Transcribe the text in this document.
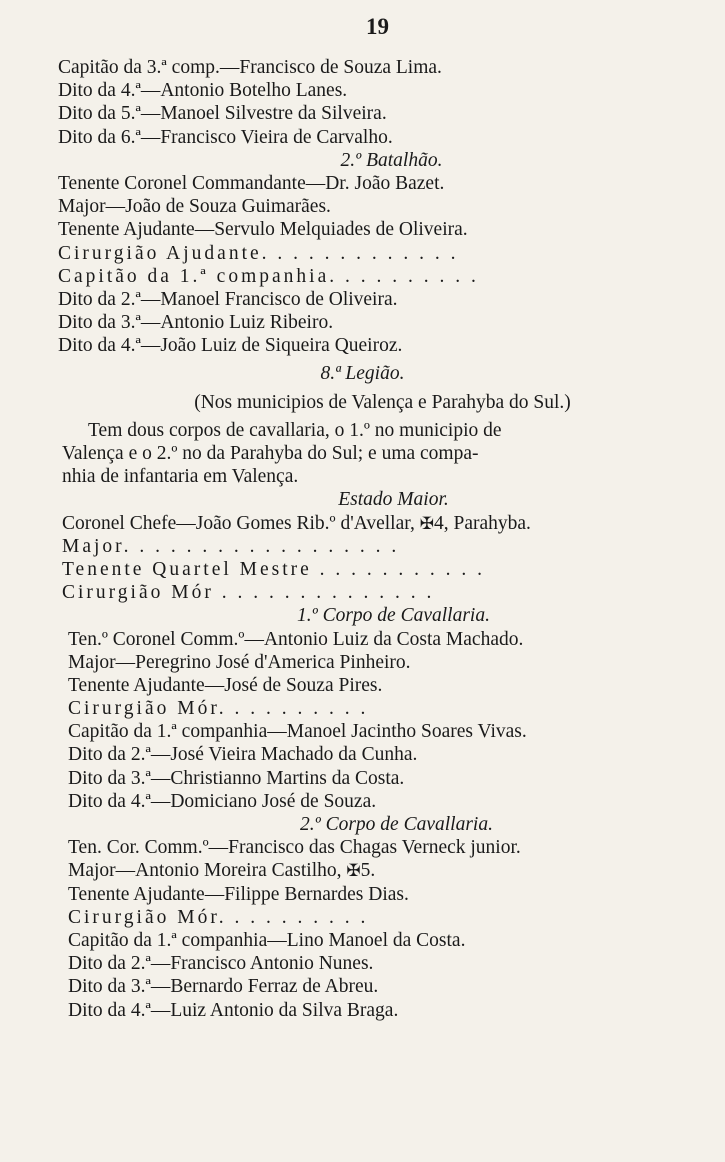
19
Capitão da 3.ª comp.—Francisco de Souza Lima.
Dito da 4.ª—Antonio Botelho Lanes.
Dito da 5.ª—Manoel Silvestre da Silveira.
Dito da 6.ª—Francisco Vieira de Carvalho.
2.º Batalhão.
Tenente Coronel Commandante—Dr. João Bazet.
Major—João de Souza Guimarães.
Tenente Ajudante—Servulo Melquiades de Oliveira.
Cirurgião Ajudante. . . . . . . . . . . . .
Capitão da 1.ª companhia. . . . . . . . . .
Dito da 2.ª—Manoel Francisco de Oliveira.
Dito da 3.ª—Antonio Luiz Ribeiro.
Dito da 4.ª—João Luiz de Siqueira Queiroz.
8.ª Legião.
(Nos municipios de Valença e Parahyba do Sul.)
Tem dous corpos de cavallaria, o 1.º no municipio de
Valença e o 2.º no da Parahyba do Sul; e uma compa-
nhia de infantaria em Valença.
Estado Maior.
Coronel Chefe—João Gomes Rib.º d'Avellar, ✠4, Parahyba.
Major. . . . . . . . . . . . . . . . . .
Tenente Quartel Mestre . . . . . . . . . . .
Cirurgião Mór . . . . . . . . . . . . . .
1.º Corpo de Cavallaria.
Ten.º Coronel Comm.º—Antonio Luiz da Costa Machado.
Major—Peregrino José d'America Pinheiro.
Tenente Ajudante—José de Souza Pires.
Cirurgião Mór. . . . . . . . . .
Capitão da 1.ª companhia—Manoel Jacintho Soares Vivas.
Dito da 2.ª—José Vieira Machado da Cunha.
Dito da 3.ª—Christianno Martins da Costa.
Dito da 4.ª—Domiciano José de Souza.
2.º Corpo de Cavallaria.
Ten. Cor. Comm.º—Francisco das Chagas Verneck junior.
Major—Antonio Moreira Castilho, ✠5.
Tenente Ajudante—Filippe Bernardes Dias.
Cirurgião Mór. . . . . . . . . .
Capitão da 1.ª companhia—Lino Manoel da Costa.
Dito da 2.ª—Francisco Antonio Nunes.
Dito da 3.ª—Bernardo Ferraz de Abreu.
Dito da 4.ª—Luiz Antonio da Silva Braga.
